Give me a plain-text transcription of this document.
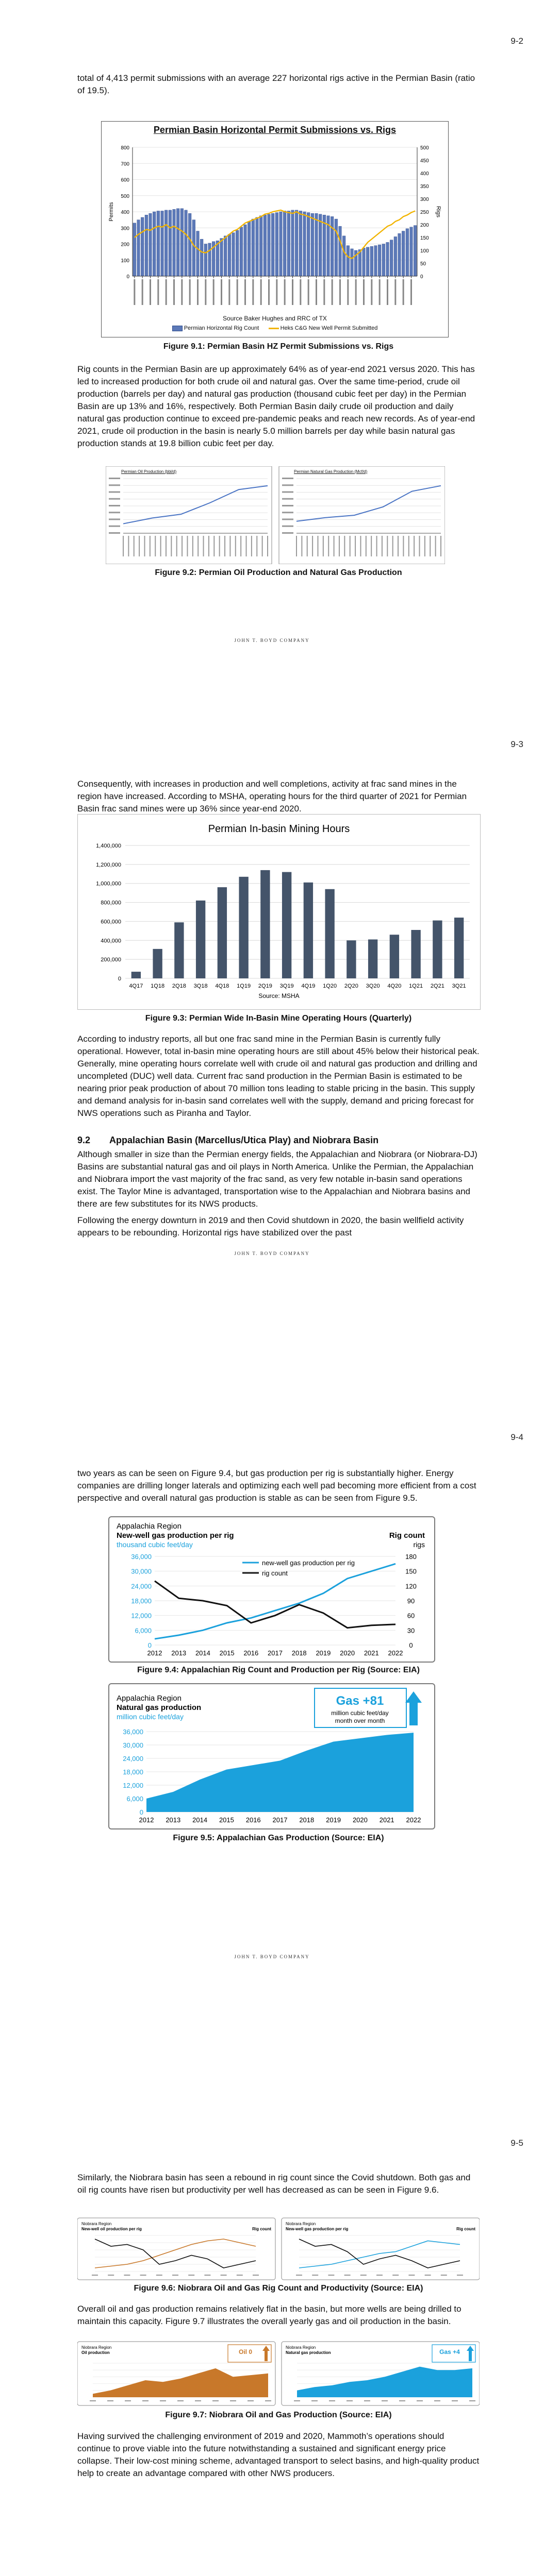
9-2

total of 4,413 permit submissions with an average 227 horizontal rigs active in the Permian Basin (ratio of 19.5).

Permian Basin Horizontal Permit Submissions vs. Rigs
0
100
200
300
400
500
600
700
800
0
50
100
150
200
250
300
350
400
450
500
Permits	Rigs
Source Baker Hughes and RRC of TX
Permian Horizontal Rig Count	Heks C&G New Well Permit Submitted

Figure 9.1: Permian Basin HZ Permit Submissions vs. Rigs

Rig counts in the Permian Basin are up approximately 64% as of year-end 2021 versus 2020. This has led to increased production for both crude oil and natural gas. Over the same time-period, crude oil production (barrels per day) and natural gas production (thousand cubic feet per day) in the Permian Basin are up 13% and 16%, respectively. Both Permian Basin daily crude oil production and daily natural gas production continue to exceed pre-pandemic peaks and reach new records. As of year-end 2021, crude oil production in the basin is nearly 5.0 million barrels per day while basin natural gas production stands at 19.8 billion cubic feet per day.

Permian Oil Production (bbl/d)	Permian Natural Gas Production (Mcf/d)

Figure 9.2: Permian Oil Production and Natural Gas Production

JOHN T. BOYD COMPANY
9-3

Consequently, with increases in production and well completions, activity at frac sand mines in the region have increased. According to MSHA, operating hours for the third quarter of 2021 for Permian Basin frac sand mines were up 36% since year-end 2020.

Permian In-basin Mining Hours
0
200,000
400,000
600,000
800,000
1,000,000
1,200,000
1,400,000
4Q17 1Q18 2Q18 3Q18 4Q18 1Q19 2Q19 3Q19 4Q19 1Q20 2Q20 3Q20 4Q20 1Q21 2Q21 3Q21
Source: MSHA

Figure 9.3: Permian Wide In-Basin Mine Operating Hours (Quarterly)

According to industry reports, all but one frac sand mine in the Permian Basin is currently fully operational. However, total in-basin mine operating hours are still about 45% below their historical peak. Generally, mine operating hours correlate well with crude oil and natural gas production and drilling and uncompleted (DUC) well data. Current frac sand production in the Permian Basin is estimated to be nearing prior peak production of about 70 million tons leading to stable pricing in the basin. This supply and demand analysis for in-basin sand correlates well with the supply, demand and pricing forecast for NWS operations such as Piranha and Taylor.

9.2 Appalachian Basin (Marcellus/Utica Play) and Niobrara Basin

Although smaller in size than the Permian energy fields, the Appalachian and Niobrara (or Niobrara-DJ) Basins are substantial natural gas and oil plays in North America. Unlike the Permian, the Appalachian and Niobrara import the vast majority of the frac sand, as very few notable in-basin sand operations exist. The Taylor Mine is advantaged, transportation wise to the Appalachian and Niobrara basins and there are few substitutes for its NWS products.

Following the energy downturn in 2019 and then Covid shutdown in 2020, the basin wellfield activity appears to be rebounding. Horizontal rigs have stabilized over the past

JOHN T. BOYD COMPANY
9-4

two years as can be seen on Figure 9.4, but gas production per rig is substantially higher. Energy companies are drilling longer laterals and optimizing each well pad becoming more efficient from a cost perspective and overall natural gas production is stable as can be seen from Figure 9.5.

Appalachia Region
New-well gas production per rig
thousand cubic feet/day
Rig count
rigs
0	0
6,000	30
12,000	60
18,000	90
24,000	120
30,000	150
36,000	180
2012 2013 2014 2015 2016 2017 2018 2019 2020 2021 2022
new-well gas production per rig
rig count

Figure 9.4: Appalachian Rig Count and Production per Rig (Source: EIA)

Appalachia Region
Natural gas production
million cubic feet/day
Gas +81
million cubic feet/day
month over month
0
6,000
12,000
18,000
24,000
30,000
36,000
2012 2013 2014 2015 2016 2017 2018 2019 2020 2021 2022

Figure 9.5: Appalachian Gas Production (Source: EIA)

JOHN T. BOYD COMPANY
9-5

Similarly, the Niobrara basin has seen a rebound in rig count since the Covid shutdown. Both gas and oil rig counts have risen but productivity per well has decreased as can be seen in Figure 9.6.

Niobrara Region
New-well oil production per rig	Rig count
Niobrara Region
New-well gas production per rig	Rig count

Figure 9.6: Niobrara Oil and Gas Rig Count and Productivity (Source: EIA)

Overall oil and gas production remains relatively flat in the basin, but more wells are being drilled to maintain this capacity. Figure 9.7 illustrates the overall yearly gas and oil production in the basin.

Niobrara Region
Oil production	Oil 0
Niobrara Region
Natural gas production	Gas +4

Figure 9.7: Niobrara Oil and Gas Production (Source: EIA)

Having survived the challenging environment of 2019 and 2020, Mammoth’s operations should continue to prove viable into the future notwithstanding a sustained and significant energy price collapse. Their low-cost mining scheme, advantaged transport to select basins, and high-quality product help to create an advantage compared with other NWS producers.
